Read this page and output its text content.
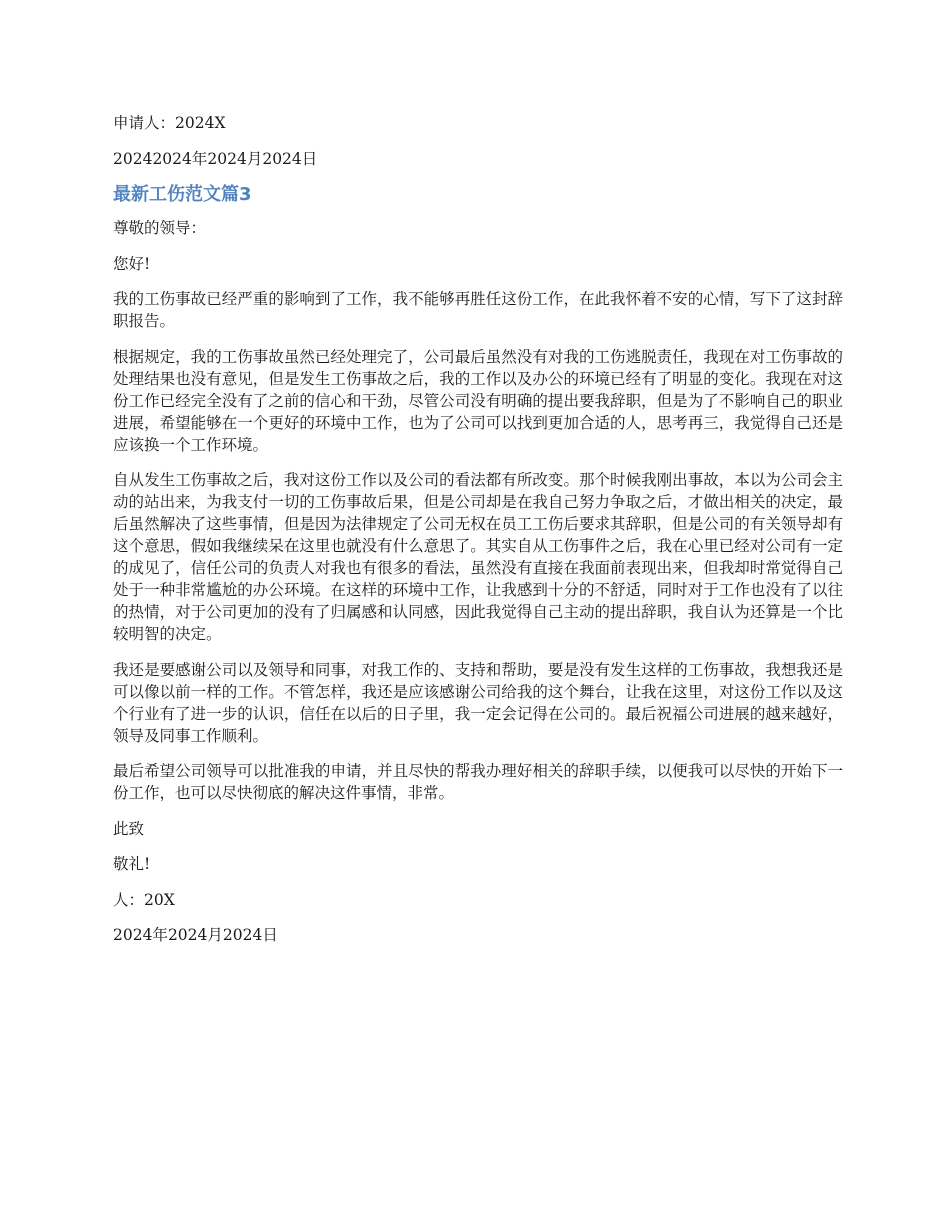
申请人：2024X

20242024年2024月2024日

最新工伤范文篇3

尊敬的领导：

您好!

我的工伤事故已经严重的影响到了工作，我不能够再胜任这份工作，在此我怀着不安的心情，写下了这封辞职报告。

根据规定，我的工伤事故虽然已经处理完了，公司最后虽然没有对我的工伤逃脱责任，我现在对工伤事故的处理结果也没有意见，但是发生工伤事故之后，我的工作以及办公的环境已经有了明显的变化。我现在对这份工作已经完全没有了之前的信心和干劲，尽管公司没有明确的提出要我辞职，但是为了不影响自己的职业进展，希望能够在一个更好的环境中工作，也为了公司可以找到更加合适的人，思考再三，我觉得自己还是应该换一个工作环境。

自从发生工伤事故之后，我对这份工作以及公司的看法都有所改变。那个时候我刚出事故，本以为公司会主动的站出来，为我支付一切的工伤事故后果，但是公司却是在我自己努力争取之后，才做出相关的决定，最后虽然解决了这些事情，但是因为法律规定了公司无权在员工工伤后要求其辞职，但是公司的有关领导却有这个意思，假如我继续呆在这里也就没有什么意思了。其实自从工伤事件之后，我在心里已经对公司有一定的成见了，信任公司的负责人对我也有很多的看法，虽然没有直接在我面前表现出来，但我却时常觉得自己处于一种非常尴尬的办公环境。在这样的环境中工作，让我感到十分的不舒适，同时对于工作也没有了以往的热情，对于公司更加的没有了归属感和认同感，因此我觉得自己主动的提出辞职，我自认为还算是一个比较明智的决定。

我还是要感谢公司以及领导和同事，对我工作的、支持和帮助，要是没有发生这样的工伤事故，我想我还是可以像以前一样的工作。不管怎样，我还是应该感谢公司给我的这个舞台，让我在这里，对这份工作以及这个行业有了进一步的认识，信任在以后的日子里，我一定会记得在公司的。最后祝福公司进展的越来越好，领导及同事工作顺利。

最后希望公司领导可以批准我的申请，并且尽快的帮我办理好相关的辞职手续，以便我可以尽快的开始下一份工作，也可以尽快彻底的解决这件事情，非常。

此致

敬礼!

人：20X

2024年2024月2024日
